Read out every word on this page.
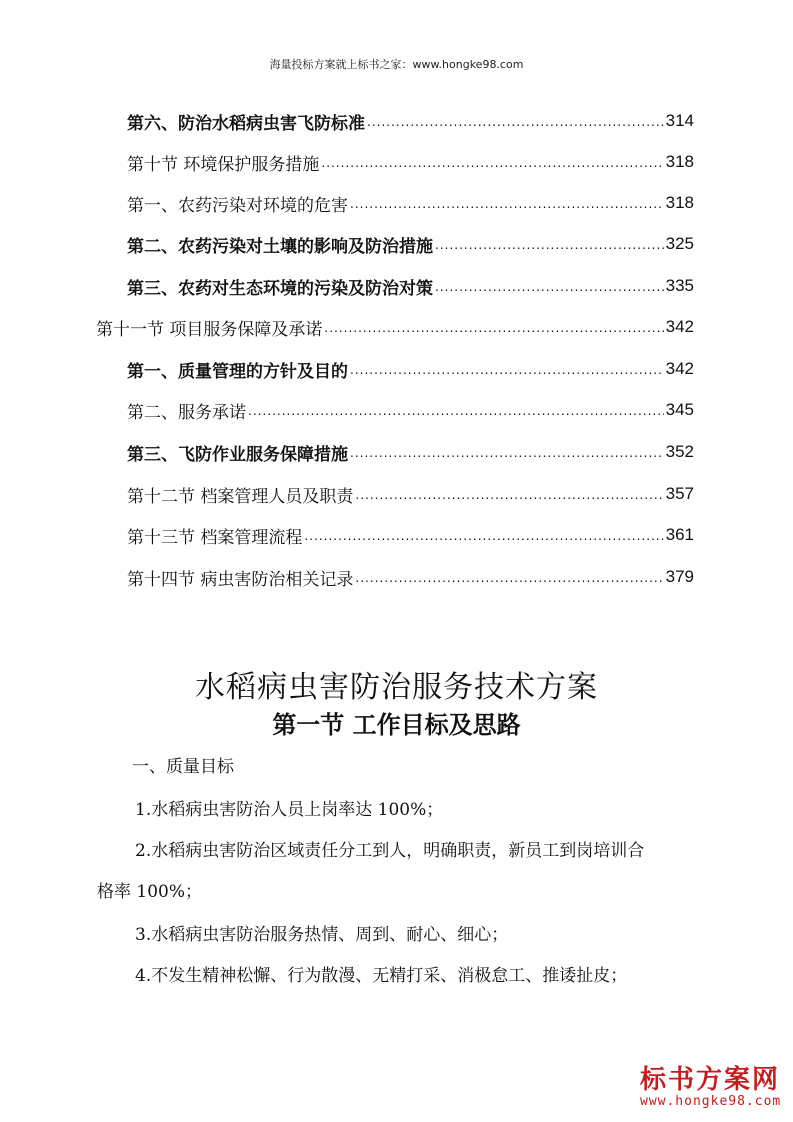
海量投标方案就上标书之家：www.hongke98.com
第六、防治水稻病虫害飞防标准 .....	314
第十节 环境保护服务措施 .....	318
第一、农药污染对环境的危害 .....	318
第二、农药污染对土壤的影响及防治措施 .....	325
第三、农药对生态环境的污染及防治对策 .....	335
第十一节 项目服务保障及承诺 .....	342
第一、质量管理的方针及目的 .....	342
第二、服务承诺 .....	345
第三、飞防作业服务保障措施 .....	352
第十二节 档案管理人员及职责 .....	357
第十三节 档案管理流程 .....	361
第十四节 病虫害防治相关记录 .....	379
水稻病虫害防治服务技术方案
第一节 工作目标及思路
一、质量目标
1.水稻病虫害防治人员上岗率达 100%；
2.水稻病虫害防治区域责任分工到人，明确职责，新员工到岗培训合
格率 100%；
3.水稻病虫害防治服务热情、周到、耐心、细心；
4.不发生精神松懈、行为散漫、无精打采、消极怠工、推诿扯皮；
标书方案网
www.hongke98.com
